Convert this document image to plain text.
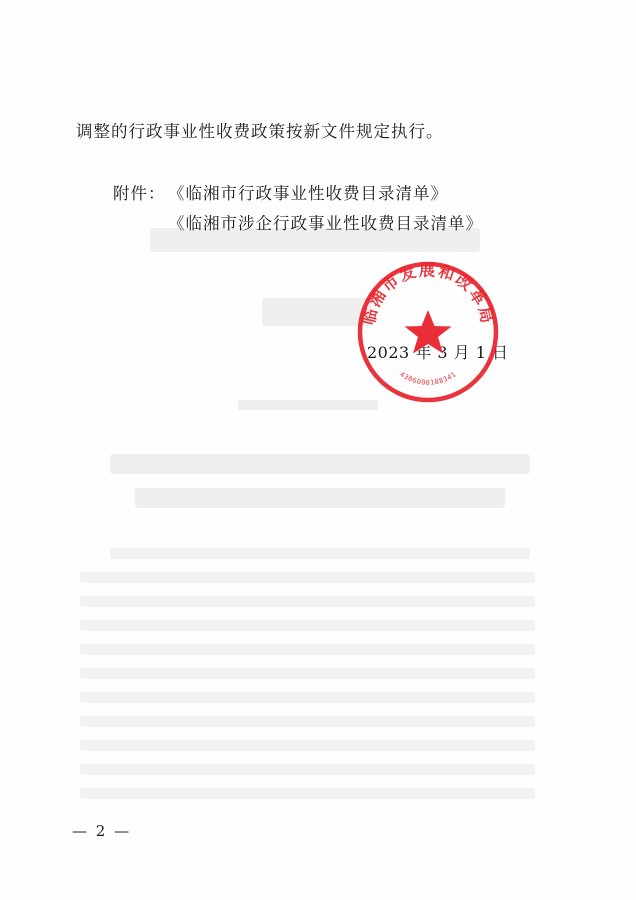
调整的行政事业性收费政策按新文件规定执行。
附件： 《临湘市行政事业性收费目录清单》
《临湘市涉企行政事业性收费目录清单》
2023 年 3 月 1 日
临湘市发展和改革局
4306000108341
— 2 —
